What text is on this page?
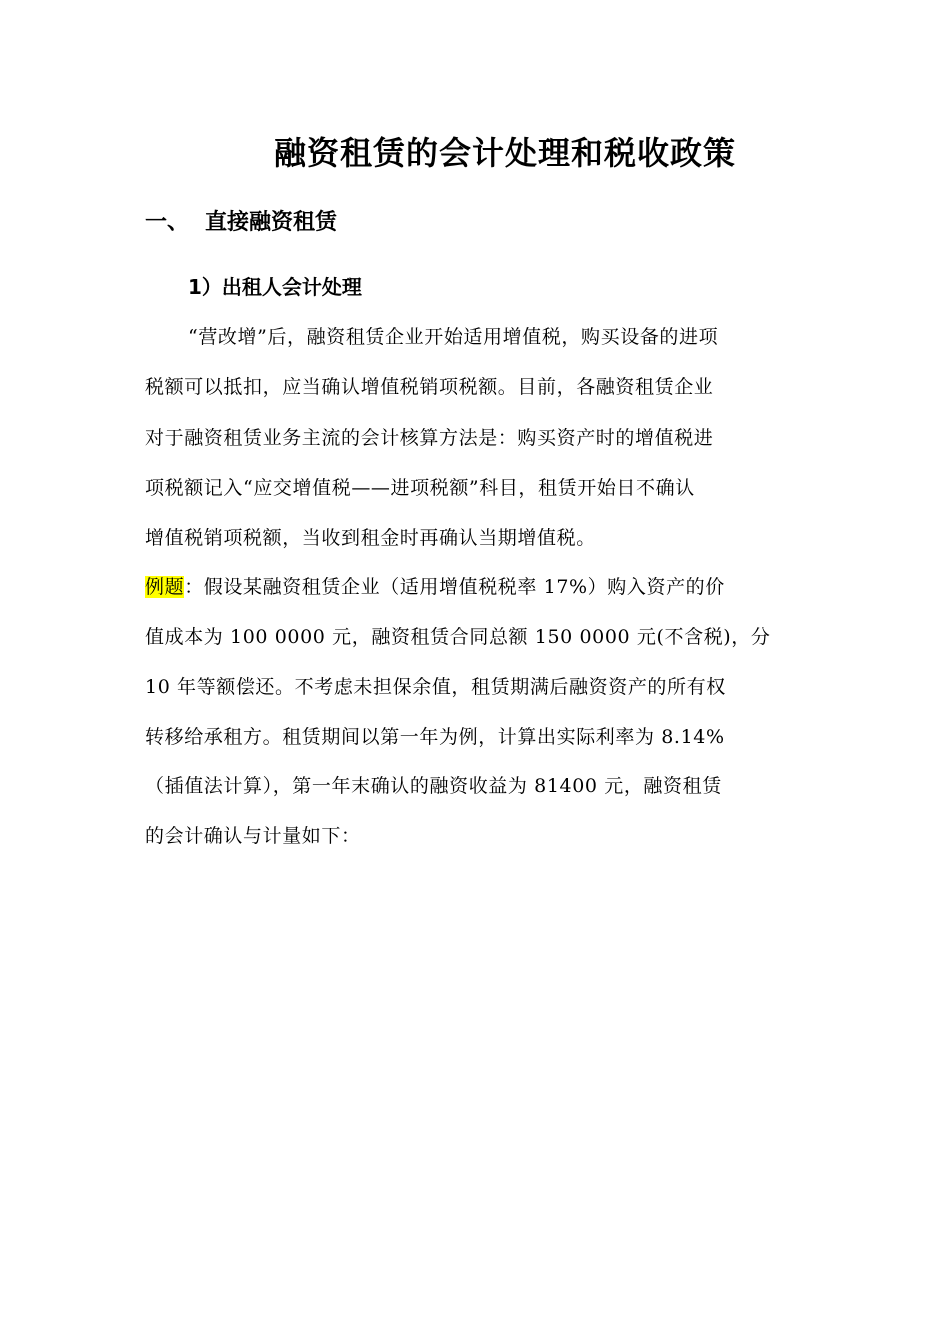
融资租赁的会计处理和税收政策
一、 直接融资租赁
1）出租人会计处理
“营改增”后，融资租赁企业开始适用增值税，购买设备的进项
税额可以抵扣，应当确认增值税销项税额。目前，各融资租赁企业
对于融资租赁业务主流的会计核算方法是：购买资产时的增值税进
项税额记入“应交增值税——进项税额”科目，租赁开始日不确认
增值税销项税额，当收到租金时再确认当期增值税。
例题：假设某融资租赁企业（适用增值税税率 17%）购入资产的价
值成本为 100 0000 元，融资租赁合同总额 150 0000 元(不含税)，分
10 年等额偿还。不考虑未担保余值，租赁期满后融资资产的所有权
转移给承租方。租赁期间以第一年为例，计算出实际利率为 8.14%
（插值法计算），第一年末确认的融资收益为 81400 元，融资租赁
的会计确认与计量如下：
